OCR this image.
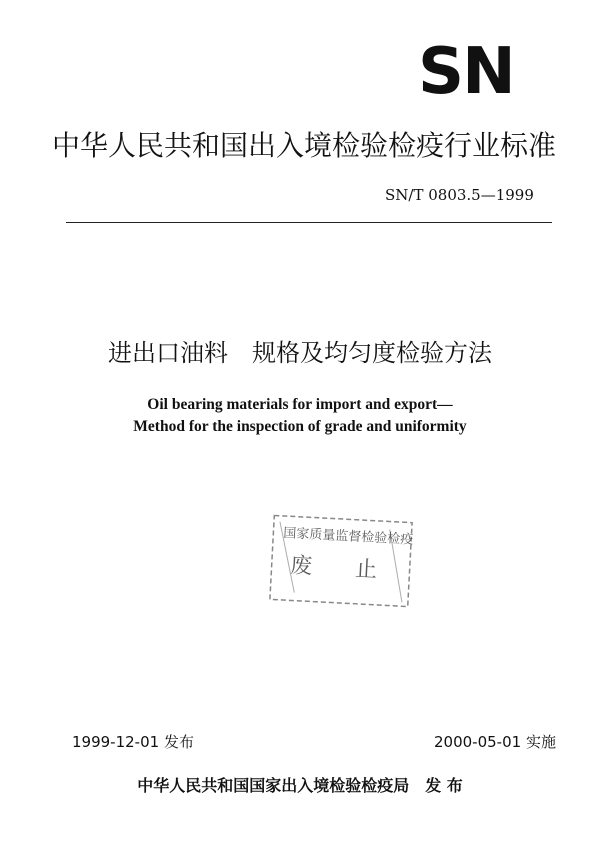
SN
中华人民共和国出入境检验检疫行业标准
SN/T 0803.5—1999
进出口油料　规格及均匀度检验方法
Oil bearing materials for import and export—
Method for the inspection of grade and uniformity
国家质量监督检验检疫
废 止
1999-12-01 发布	2000-05-01 实施
中华人民共和国国家出入境检验检疫局 发 布
